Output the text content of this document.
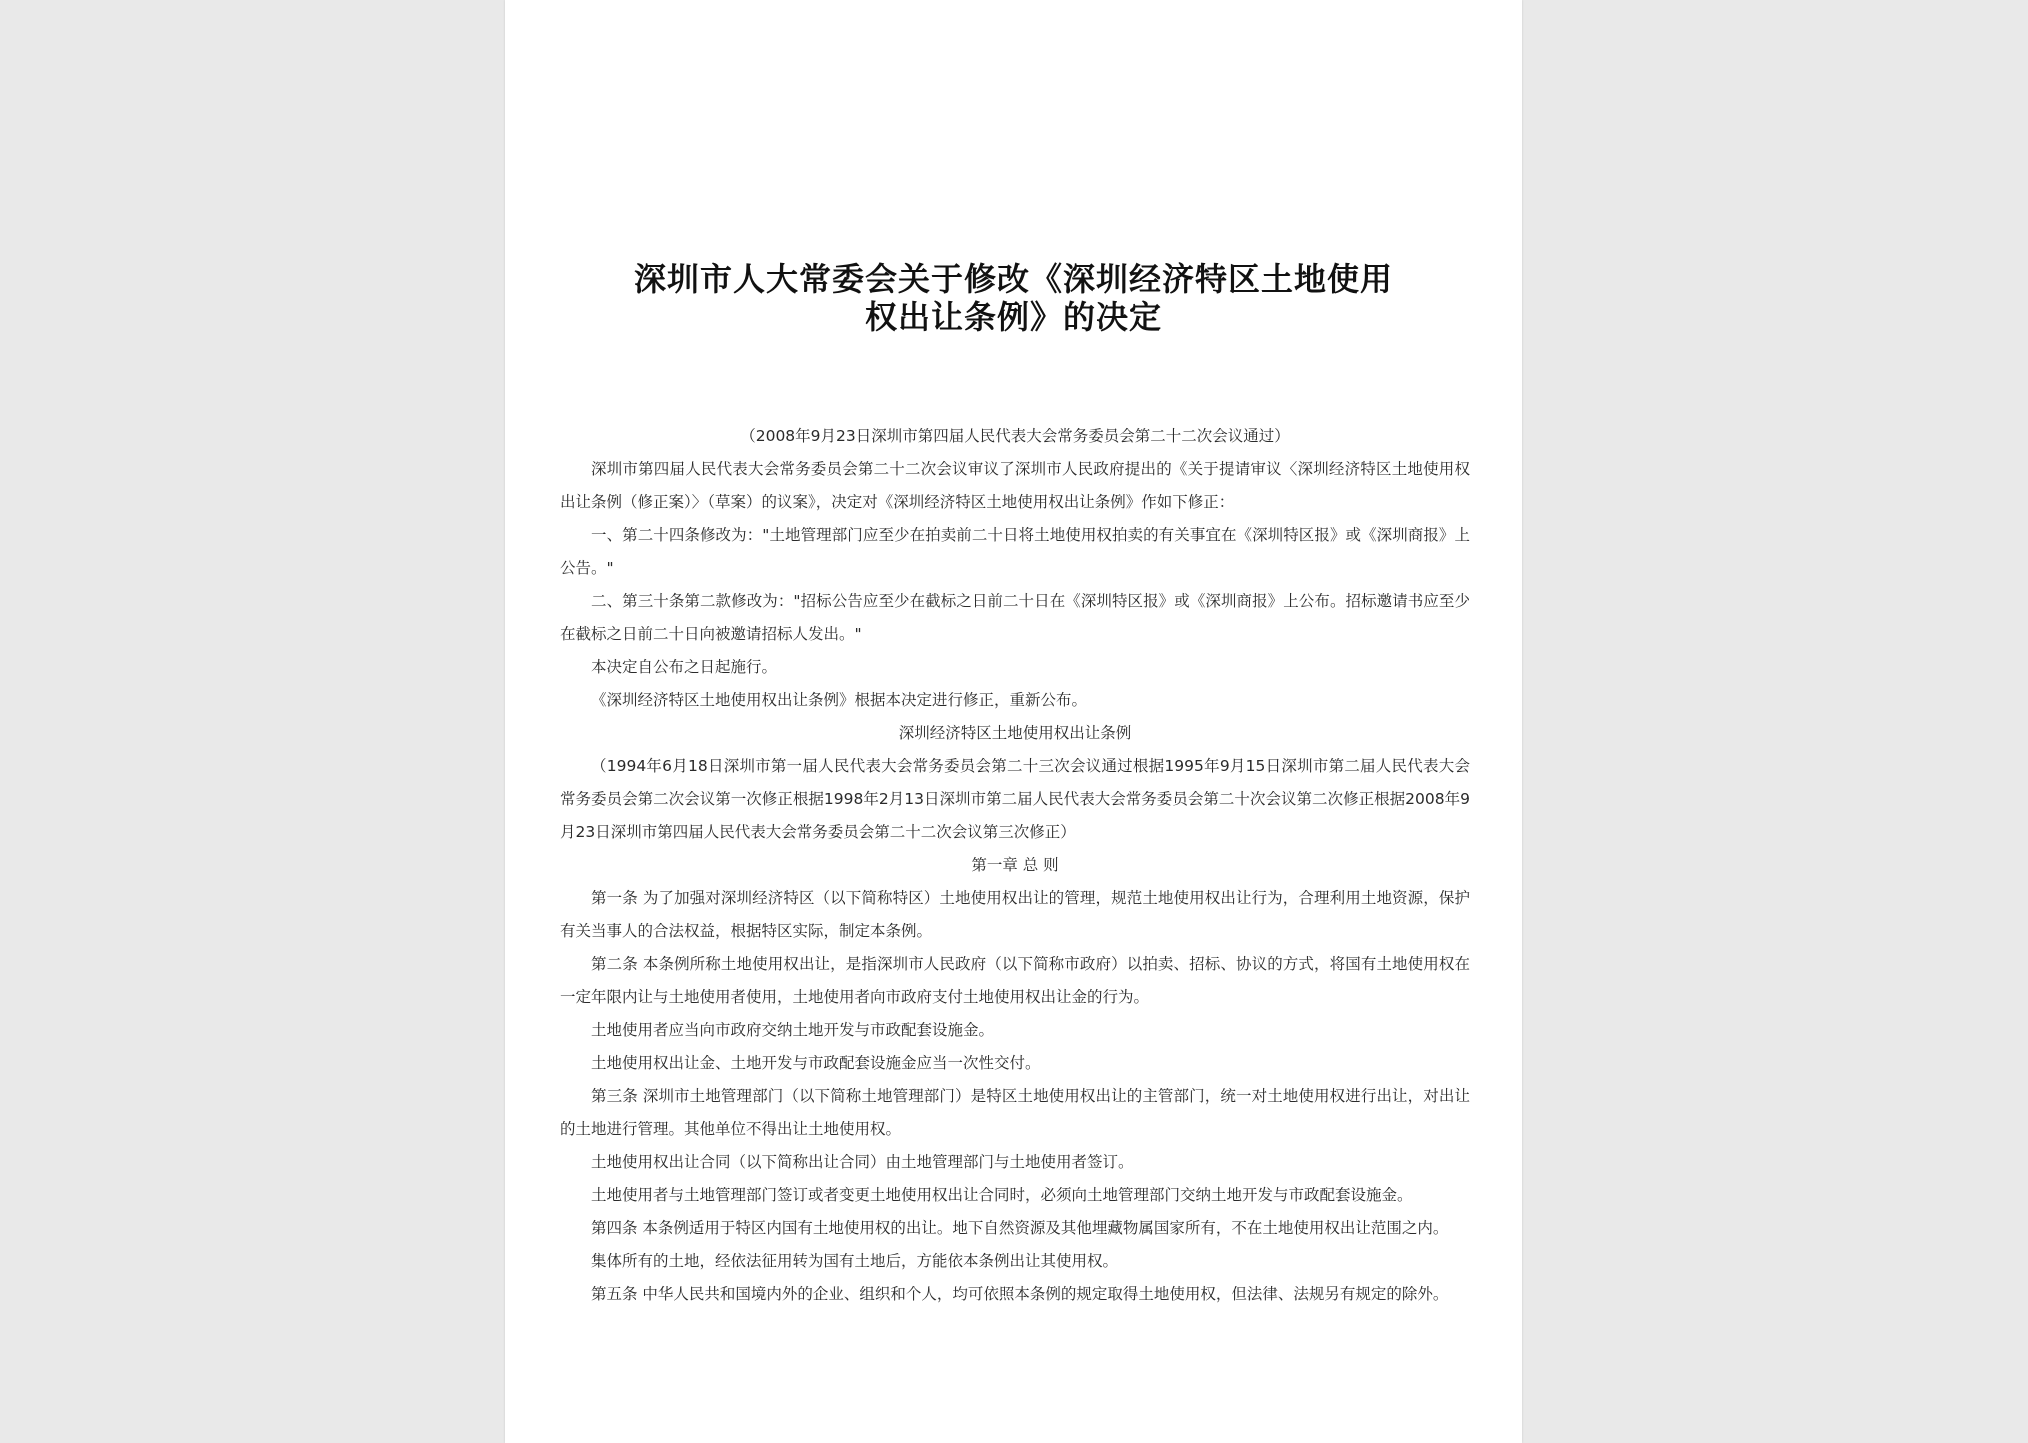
深圳市人大常委会关于修改《深圳经济特区土地使用
权出让条例》的决定

（2008年9月23日深圳市第四届人民代表大会常务委员会第二十二次会议通过）

深圳市第四届人民代表大会常务委员会第二十二次会议审议了深圳市人民政府提出的《关于提请审议〈深圳经济特区土地使用权出让条例（修正案）〉（草案）的议案》，决定对《深圳经济特区土地使用权出让条例》作如下修正：

一、第二十四条修改为："土地管理部门应至少在拍卖前二十日将土地使用权拍卖的有关事宜在《深圳特区报》或《深圳商报》上公告。"

二、第三十条第二款修改为："招标公告应至少在截标之日前二十日在《深圳特区报》或《深圳商报》上公布。招标邀请书应至少在截标之日前二十日向被邀请招标人发出。"

本决定自公布之日起施行。

《深圳经济特区土地使用权出让条例》根据本决定进行修正，重新公布。

深圳经济特区土地使用权出让条例

（1994年6月18日深圳市第一届人民代表大会常务委员会第二十三次会议通过根据1995年9月15日深圳市第二届人民代表大会常务委员会第二次会议第一次修正根据1998年2月13日深圳市第二届人民代表大会常务委员会第二十次会议第二次修正根据2008年9月23日深圳市第四届人民代表大会常务委员会第二十二次会议第三次修正）

第一章 总 则

第一条 为了加强对深圳经济特区（以下简称特区）土地使用权出让的管理，规范土地使用权出让行为，合理利用土地资源，保护有关当事人的合法权益，根据特区实际，制定本条例。

第二条 本条例所称土地使用权出让，是指深圳市人民政府（以下简称市政府）以拍卖、招标、协议的方式，将国有土地使用权在一定年限内让与土地使用者使用，土地使用者向市政府支付土地使用权出让金的行为。

土地使用者应当向市政府交纳土地开发与市政配套设施金。

土地使用权出让金、土地开发与市政配套设施金应当一次性交付。

第三条 深圳市土地管理部门（以下简称土地管理部门）是特区土地使用权出让的主管部门，统一对土地使用权进行出让，对出让的土地进行管理。其他单位不得出让土地使用权。

土地使用权出让合同（以下简称出让合同）由土地管理部门与土地使用者签订。

土地使用者与土地管理部门签订或者变更土地使用权出让合同时，必须向土地管理部门交纳土地开发与市政配套设施金。

第四条 本条例适用于特区内国有土地使用权的出让。地下自然资源及其他埋藏物属国家所有，不在土地使用权出让范围之内。

集体所有的土地，经依法征用转为国有土地后，方能依本条例出让其使用权。

第五条 中华人民共和国境内外的企业、组织和个人，均可依照本条例的规定取得土地使用权，但法律、法规另有规定的除外。
